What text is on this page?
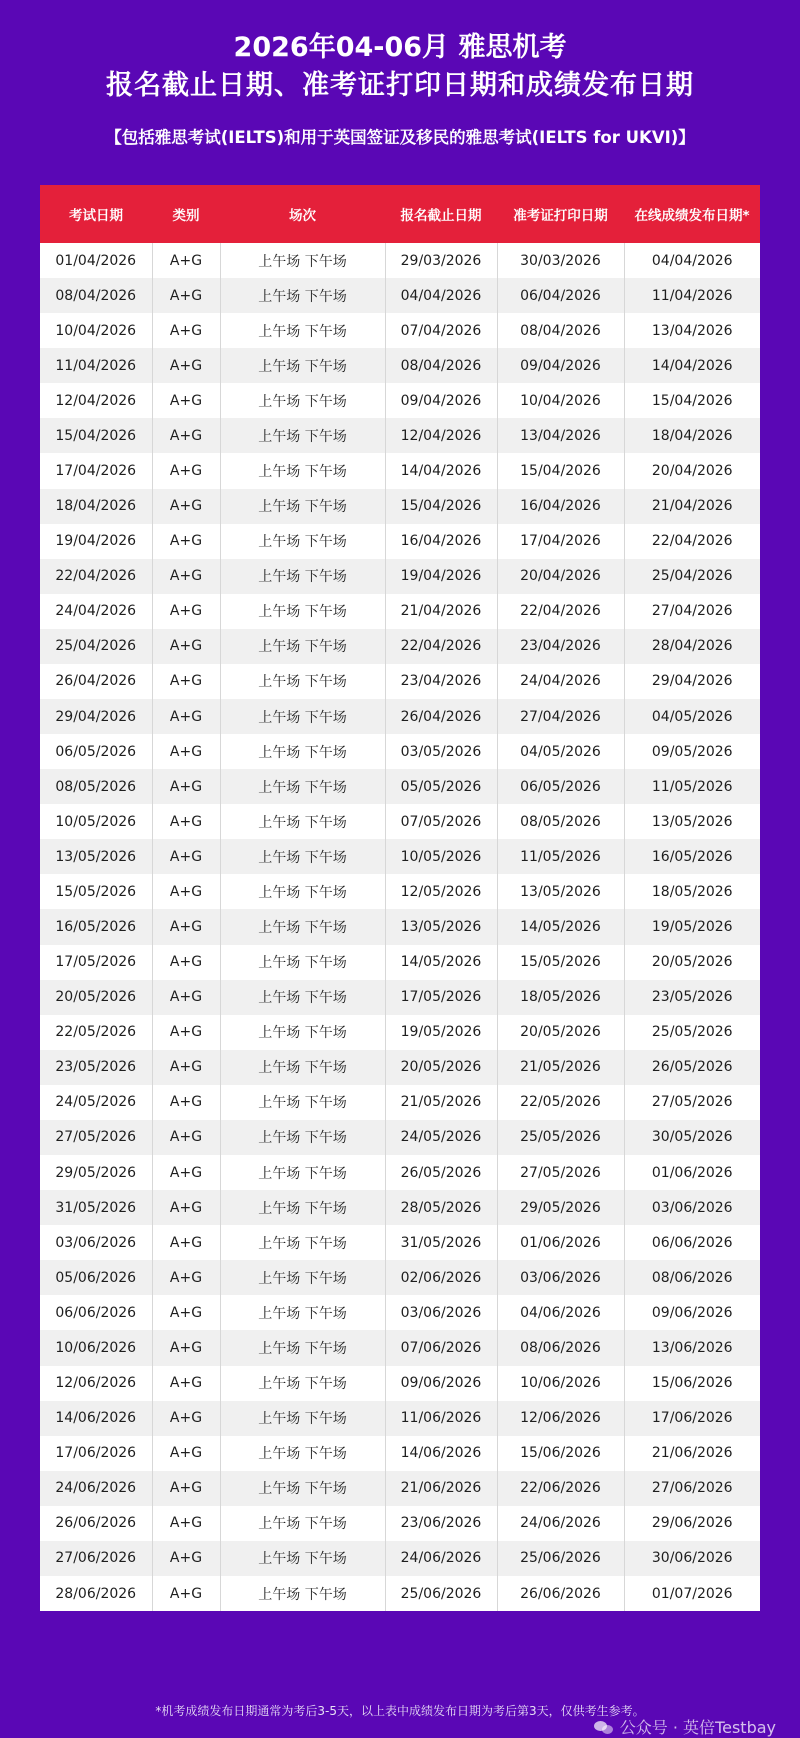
2026年04-06月 雅思机考
报名截止日期、准考证打印日期和成绩发布日期
【包括雅思考试(IELTS)和用于英国签证及移民的雅思考试(IELTS for UKVI)】
考试日期	类别	场次	报名截止日期	准考证打印日期	在线成绩发布日期*
01/04/2026	A+G	上午场 下午场	29/03/2026	30/03/2026	04/04/2026
08/04/2026	A+G	上午场 下午场	04/04/2026	06/04/2026	11/04/2026
10/04/2026	A+G	上午场 下午场	07/04/2026	08/04/2026	13/04/2026
11/04/2026	A+G	上午场 下午场	08/04/2026	09/04/2026	14/04/2026
12/04/2026	A+G	上午场 下午场	09/04/2026	10/04/2026	15/04/2026
15/04/2026	A+G	上午场 下午场	12/04/2026	13/04/2026	18/04/2026
17/04/2026	A+G	上午场 下午场	14/04/2026	15/04/2026	20/04/2026
18/04/2026	A+G	上午场 下午场	15/04/2026	16/04/2026	21/04/2026
19/04/2026	A+G	上午场 下午场	16/04/2026	17/04/2026	22/04/2026
22/04/2026	A+G	上午场 下午场	19/04/2026	20/04/2026	25/04/2026
24/04/2026	A+G	上午场 下午场	21/04/2026	22/04/2026	27/04/2026
25/04/2026	A+G	上午场 下午场	22/04/2026	23/04/2026	28/04/2026
26/04/2026	A+G	上午场 下午场	23/04/2026	24/04/2026	29/04/2026
29/04/2026	A+G	上午场 下午场	26/04/2026	27/04/2026	04/05/2026
06/05/2026	A+G	上午场 下午场	03/05/2026	04/05/2026	09/05/2026
08/05/2026	A+G	上午场 下午场	05/05/2026	06/05/2026	11/05/2026
10/05/2026	A+G	上午场 下午场	07/05/2026	08/05/2026	13/05/2026
13/05/2026	A+G	上午场 下午场	10/05/2026	11/05/2026	16/05/2026
15/05/2026	A+G	上午场 下午场	12/05/2026	13/05/2026	18/05/2026
16/05/2026	A+G	上午场 下午场	13/05/2026	14/05/2026	19/05/2026
17/05/2026	A+G	上午场 下午场	14/05/2026	15/05/2026	20/05/2026
20/05/2026	A+G	上午场 下午场	17/05/2026	18/05/2026	23/05/2026
22/05/2026	A+G	上午场 下午场	19/05/2026	20/05/2026	25/05/2026
23/05/2026	A+G	上午场 下午场	20/05/2026	21/05/2026	26/05/2026
24/05/2026	A+G	上午场 下午场	21/05/2026	22/05/2026	27/05/2026
27/05/2026	A+G	上午场 下午场	24/05/2026	25/05/2026	30/05/2026
29/05/2026	A+G	上午场 下午场	26/05/2026	27/05/2026	01/06/2026
31/05/2026	A+G	上午场 下午场	28/05/2026	29/05/2026	03/06/2026
03/06/2026	A+G	上午场 下午场	31/05/2026	01/06/2026	06/06/2026
05/06/2026	A+G	上午场 下午场	02/06/2026	03/06/2026	08/06/2026
06/06/2026	A+G	上午场 下午场	03/06/2026	04/06/2026	09/06/2026
10/06/2026	A+G	上午场 下午场	07/06/2026	08/06/2026	13/06/2026
12/06/2026	A+G	上午场 下午场	09/06/2026	10/06/2026	15/06/2026
14/06/2026	A+G	上午场 下午场	11/06/2026	12/06/2026	17/06/2026
17/06/2026	A+G	上午场 下午场	14/06/2026	15/06/2026	21/06/2026
24/06/2026	A+G	上午场 下午场	21/06/2026	22/06/2026	27/06/2026
26/06/2026	A+G	上午场 下午场	23/06/2026	24/06/2026	29/06/2026
27/06/2026	A+G	上午场 下午场	24/06/2026	25/06/2026	30/06/2026
28/06/2026	A+G	上午场 下午场	25/06/2026	26/06/2026	01/07/2026
*机考成绩发布日期通常为考后3-5天，以上表中成绩发布日期为考后第3天，仅供考生参考。
公众号 · 英倍Testbay
